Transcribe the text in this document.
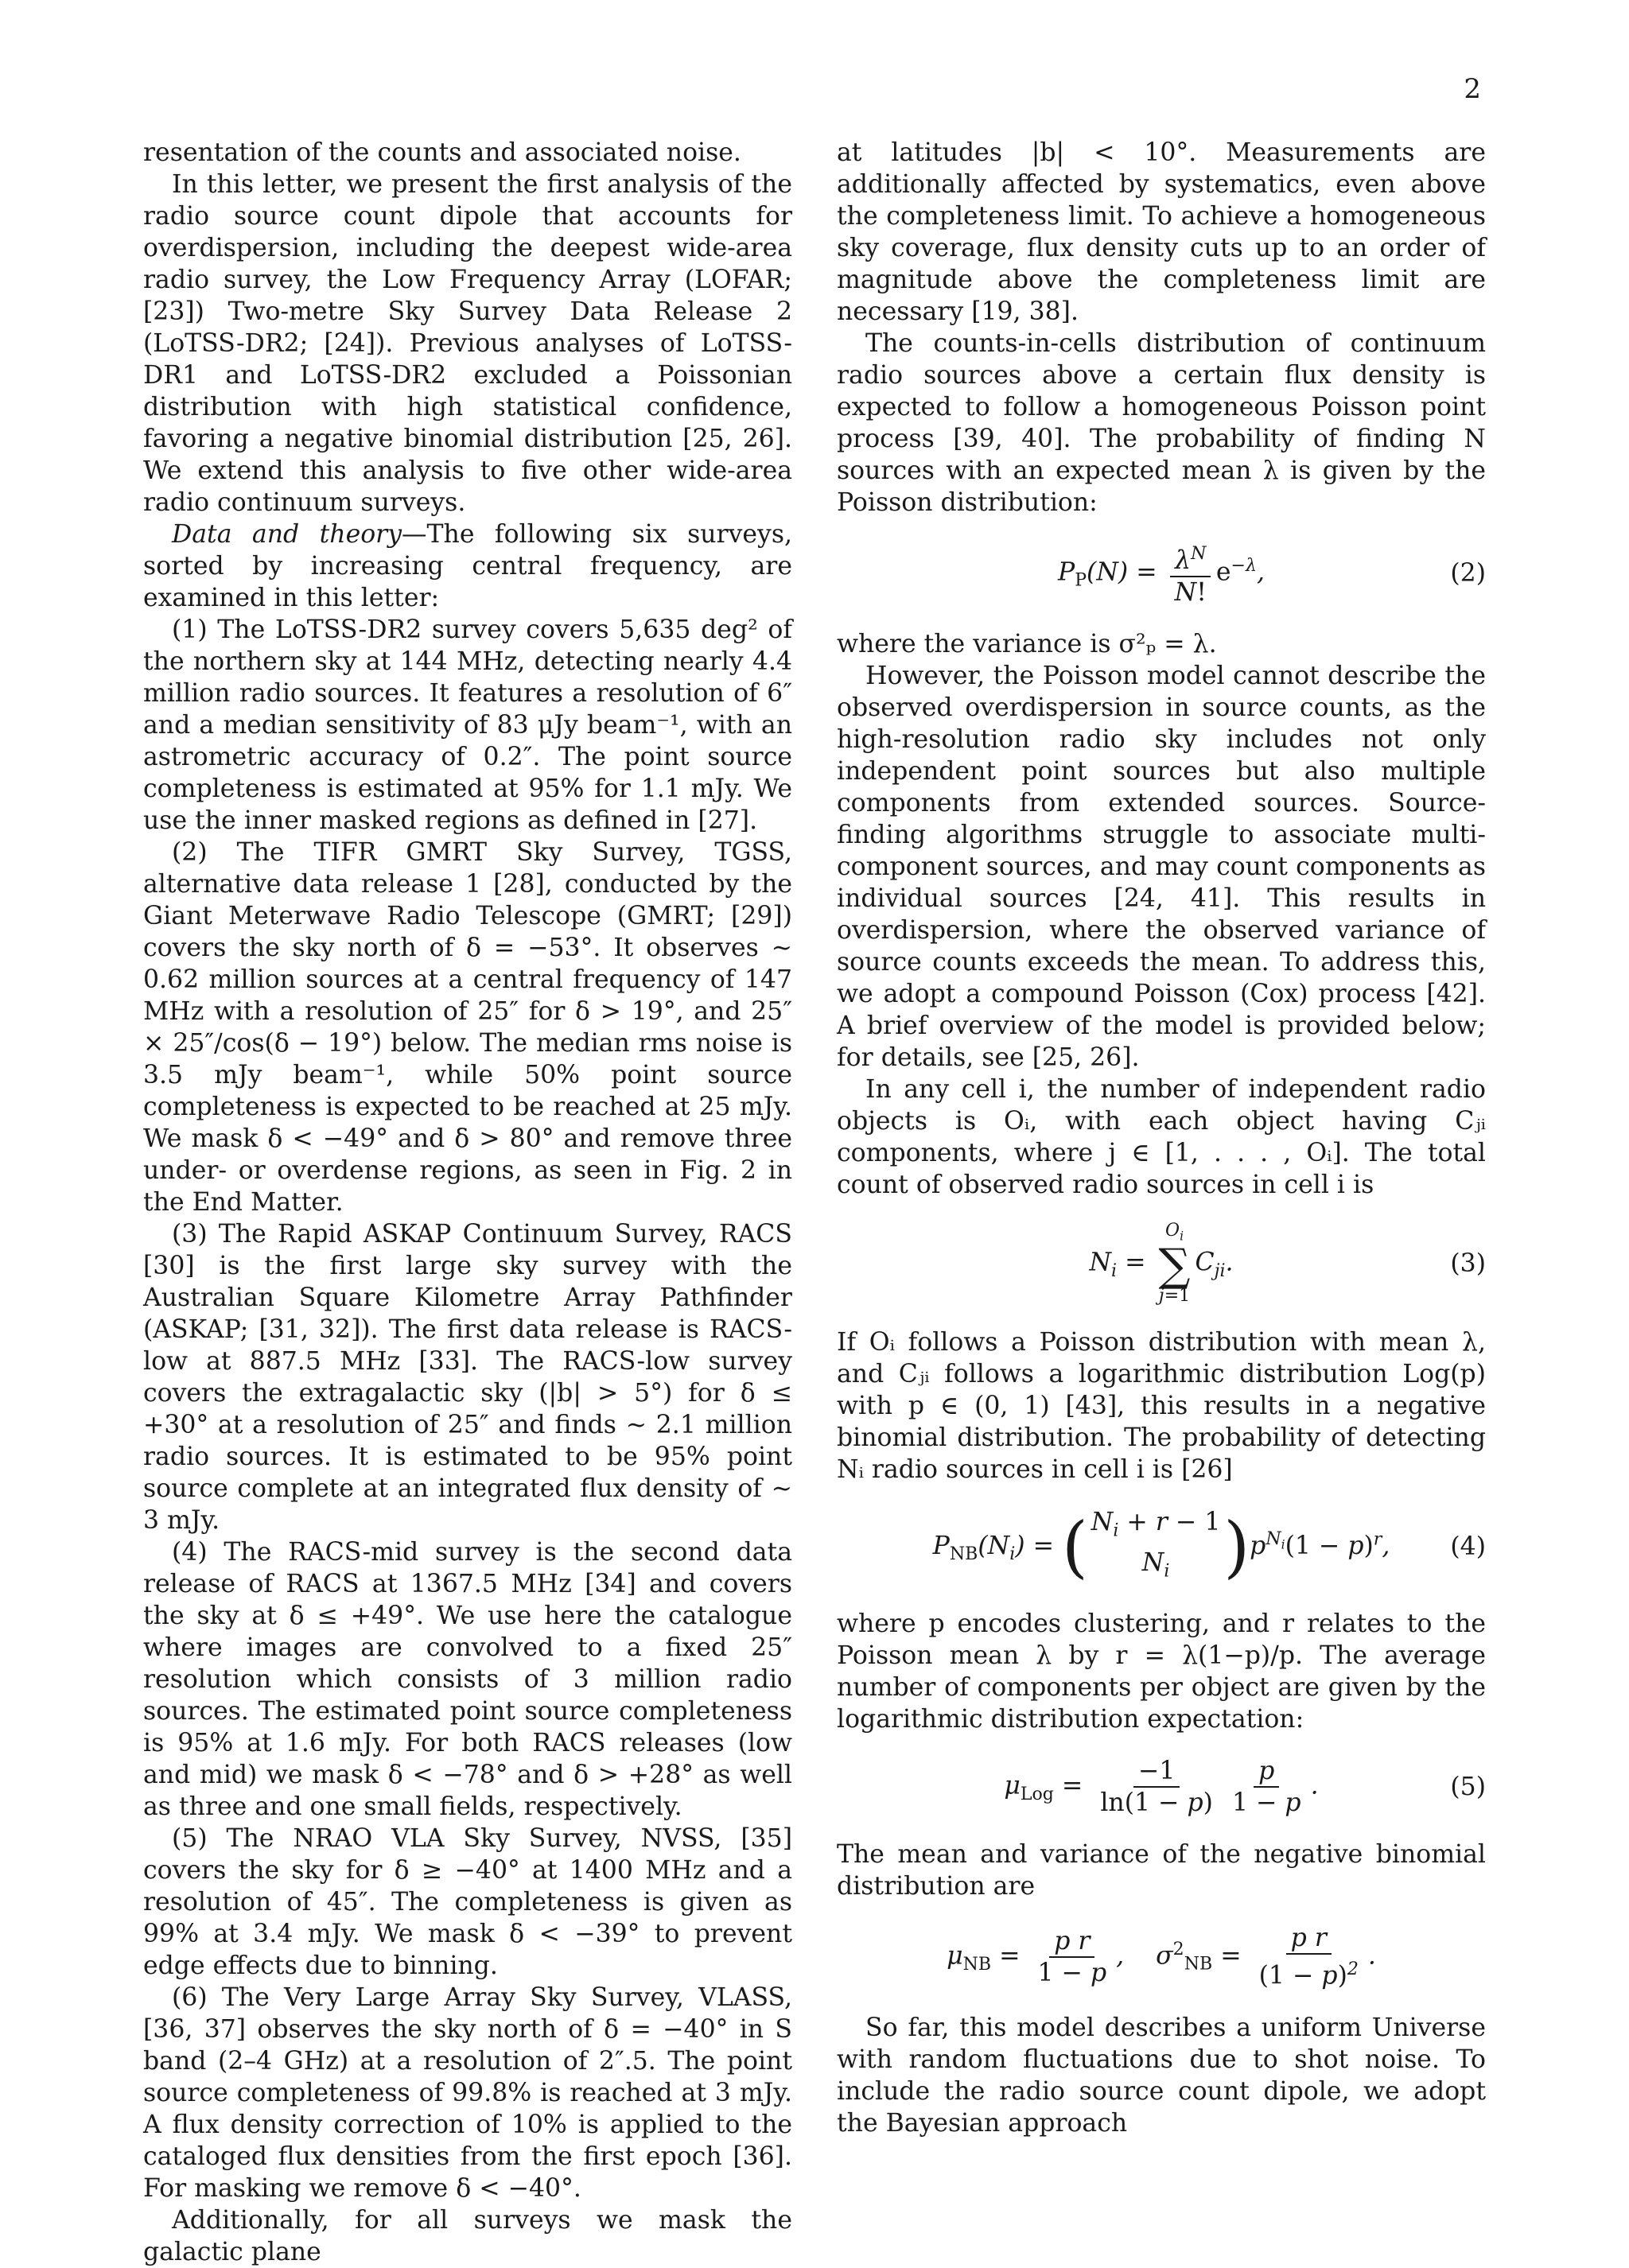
2

resentation of the counts and associated noise.

In this letter, we present the first analysis of the radio source count dipole that accounts for overdispersion, including the deepest wide-area radio survey, the Low Frequency Array (LOFAR; [23]) Two-metre Sky Survey Data Release 2 (LoTSS-DR2; [24]). Previous analyses of LoTSS-DR1 and LoTSS-DR2 excluded a Poissonian distribution with high statistical confidence, favoring a negative binomial distribution [25, 26]. We extend this analysis to five other wide-area radio continuum surveys.

Data and theory—The following six surveys, sorted by increasing central frequency, are examined in this letter:

(1) The LoTSS-DR2 survey covers 5,635 deg² of the northern sky at 144 MHz, detecting nearly 4.4 million radio sources. It features a resolution of 6″ and a median sensitivity of 83 μJy beam⁻¹, with an astrometric accuracy of 0.2″. The point source completeness is estimated at 95% for 1.1 mJy. We use the inner masked regions as defined in [27].

(2) The TIFR GMRT Sky Survey, TGSS, alternative data release 1 [28], conducted by the Giant Meterwave Radio Telescope (GMRT; [29]) covers the sky north of δ = −53°. It observes ∼ 0.62 million sources at a central frequency of 147 MHz with a resolution of 25″ for δ > 19°, and 25″ × 25″/cos(δ − 19°) below. The median rms noise is 3.5 mJy beam⁻¹, while 50% point source completeness is expected to be reached at 25 mJy. We mask δ < −49° and δ > 80° and remove three under- or overdense regions, as seen in Fig. 2 in the End Matter.

(3) The Rapid ASKAP Continuum Survey, RACS [30] is the first large sky survey with the Australian Square Kilometre Array Pathfinder (ASKAP; [31, 32]). The first data release is RACS-low at 887.5 MHz [33]. The RACS-low survey covers the extragalactic sky (|b| > 5°) for δ ≤ +30° at a resolution of 25″ and finds ∼ 2.1 million radio sources. It is estimated to be 95% point source complete at an integrated flux density of ∼ 3 mJy.

(4) The RACS-mid survey is the second data release of RACS at 1367.5 MHz [34] and covers the sky at δ ≤ +49°. We use here the catalogue where images are convolved to a fixed 25″ resolution which consists of 3 million radio sources. The estimated point source completeness is 95% at 1.6 mJy. For both RACS releases (low and mid) we mask δ < −78° and δ > +28° as well as three and one small fields, respectively.

(5) The NRAO VLA Sky Survey, NVSS, [35] covers the sky for δ ≥ −40° at 1400 MHz and a resolution of 45″. The completeness is given as 99% at 3.4 mJy. We mask δ < −39° to prevent edge effects due to binning.

(6) The Very Large Array Sky Survey, VLASS, [36, 37] observes the sky north of δ = −40° in S band (2–4 GHz) at a resolution of 2″.5. The point source completeness of 99.8% is reached at 3 mJy. A flux density correction of 10% is applied to the cataloged flux densities from the first epoch [36]. For masking we remove δ < −40°.

Additionally, for all surveys we mask the galactic plane

at latitudes |b| < 10°. Measurements are additionally affected by systematics, even above the completeness limit. To achieve a homogeneous sky coverage, flux density cuts up to an order of magnitude above the completeness limit are necessary [19, 38].

The counts-in-cells distribution of continuum radio sources above a certain flux density is expected to follow a homogeneous Poisson point process [39, 40]. The probability of finding N sources with an expected mean λ is given by the Poisson distribution:

$P_P(N) = \frac{\lambda^N}{N!} e^{-\lambda}$,	(2)

where the variance is σ²ₚ = λ.

However, the Poisson model cannot describe the observed overdispersion in source counts, as the high-resolution radio sky includes not only independent point sources but also multiple components from extended sources. Source-finding algorithms struggle to associate multi-component sources, and may count components as individual sources [24, 41]. This results in overdispersion, where the observed variance of source counts exceeds the mean. To address this, we adopt a compound Poisson (Cox) process [42]. A brief overview of the model is provided below; for details, see [25, 26].

In any cell i, the number of independent radio objects is Oᵢ, with each object having Cⱼᵢ components, where j ∈ [1, . . . , Oᵢ]. The total count of observed radio sources in cell i is

$N_i$ =
$O_i$
∑
j=1
$C_{ji}$.	(3)

If Oᵢ follows a Poisson distribution with mean λ, and Cⱼᵢ follows a logarithmic distribution Log(p) with p ∈ (0, 1) [43], this results in a negative binomial distribution. The probability of detecting Nᵢ radio sources in cell i is [26]

$P_{NB}(N_i)$ = ( $N_i + r - 1$
$N_i$ ) $p^{N_i}(1 - p)^r$, (4)

where p encodes clustering, and r relates to the Poisson mean λ by r = λ(1−p)/p. The average number of components per object are given by the logarithmic distribution expectation:

$\mu_{Log} = \frac{-1}{\ln(1 - p)} \frac{p}{1 - p}$ .	(5)

The mean and variance of the negative binomial distribution are

$\mu_{NB} = \frac{\text{p r}}{1 - p}$ , $\sigma^2_{NB} = \frac{\text{p r}}{(1 - p)^2}$ .

So far, this model describes a uniform Universe with random fluctuations due to shot noise. To include the radio source count dipole, we adopt the Bayesian approach
